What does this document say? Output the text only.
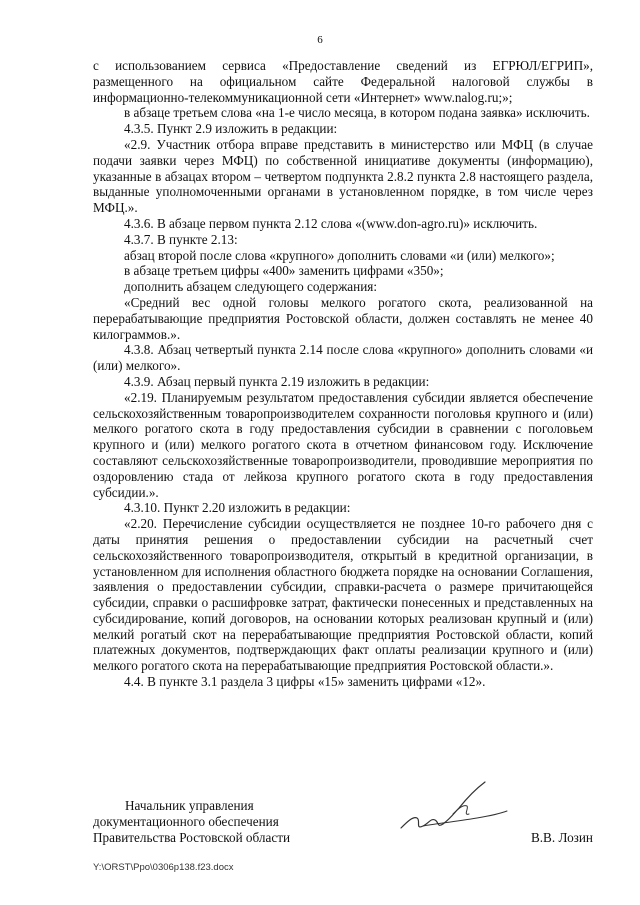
6

с использованием сервиса «Предоставление сведений из ЕГРЮЛ/ЕГРИП», размещенного на официальном сайте Федеральной налоговой службы в информационно-телекоммуникационной сети «Интернет» www.nalog.ru;»;

в абзаце третьем слова «на 1-е число месяца, в котором подана заявка» исключить.

4.3.5. Пункт 2.9 изложить в редакции:

«2.9. Участник отбора вправе представить в министерство или МФЦ (в случае подачи заявки через МФЦ) по собственной инициативе документы (информацию), указанные в абзацах втором – четвертом подпункта 2.8.2 пункта 2.8 настоящего раздела, выданные уполномоченными органами в установленном порядке, в том числе через МФЦ.».

4.3.6. В абзаце первом пункта 2.12 слова «(www.don-agro.ru)» исключить.

4.3.7. В пункте 2.13:

абзац второй после слова «крупного» дополнить словами «и (или) мелкого»;

в абзаце третьем цифры «400» заменить цифрами «350»;

дополнить абзацем следующего содержания:

«Средний вес одной головы мелкого рогатого скота, реализованной на перерабатывающие предприятия Ростовской области, должен составлять не менее 40 килограммов.».

4.3.8. Абзац четвертый пункта 2.14 после слова «крупного» дополнить словами «и (или) мелкого».

4.3.9. Абзац первый пункта 2.19 изложить в редакции:

«2.19. Планируемым результатом предоставления субсидии является обеспечение сельскохозяйственным товаропроизводителем сохранности поголовья крупного и (или) мелкого рогатого скота в году предоставления субсидии в сравнении с поголовьем крупного и (или) мелкого рогатого скота в отчетном финансовом году. Исключение составляют сельскохозяйственные товаропроизводители, проводившие мероприятия по оздоровлению стада от лейкоза крупного рогатого скота в году предоставления субсидии.».

4.3.10. Пункт 2.20 изложить в редакции:

«2.20. Перечисление субсидии осуществляется не позднее 10-го рабочего дня с даты принятия решения о предоставлении субсидии на расчетный счет сельскохозяйственного товаропроизводителя, открытый в кредитной организации, в установленном для исполнения областного бюджета порядке на основании Соглашения, заявления о предоставлении субсидии, справки-расчета о размере причитающейся субсидии, справки о расшифровке затрат, фактически понесенных и представленных на субсидирование, копий договоров, на основании которых реализован крупный и (или) мелкий рогатый скот на перерабатывающие предприятия Ростовской области, копий платежных документов, подтверждающих факт оплаты реализации крупного и (или) мелкого рогатого скота на перерабатывающие предприятия Ростовской области.».

4.4. В пункте 3.1 раздела 3 цифры «15» заменить цифрами «12».

Начальник управления
документационного обеспечения
Правительства Ростовской области	В.В. Лозин
Y:\ORST\Ppo\0306p138.f23.docx
